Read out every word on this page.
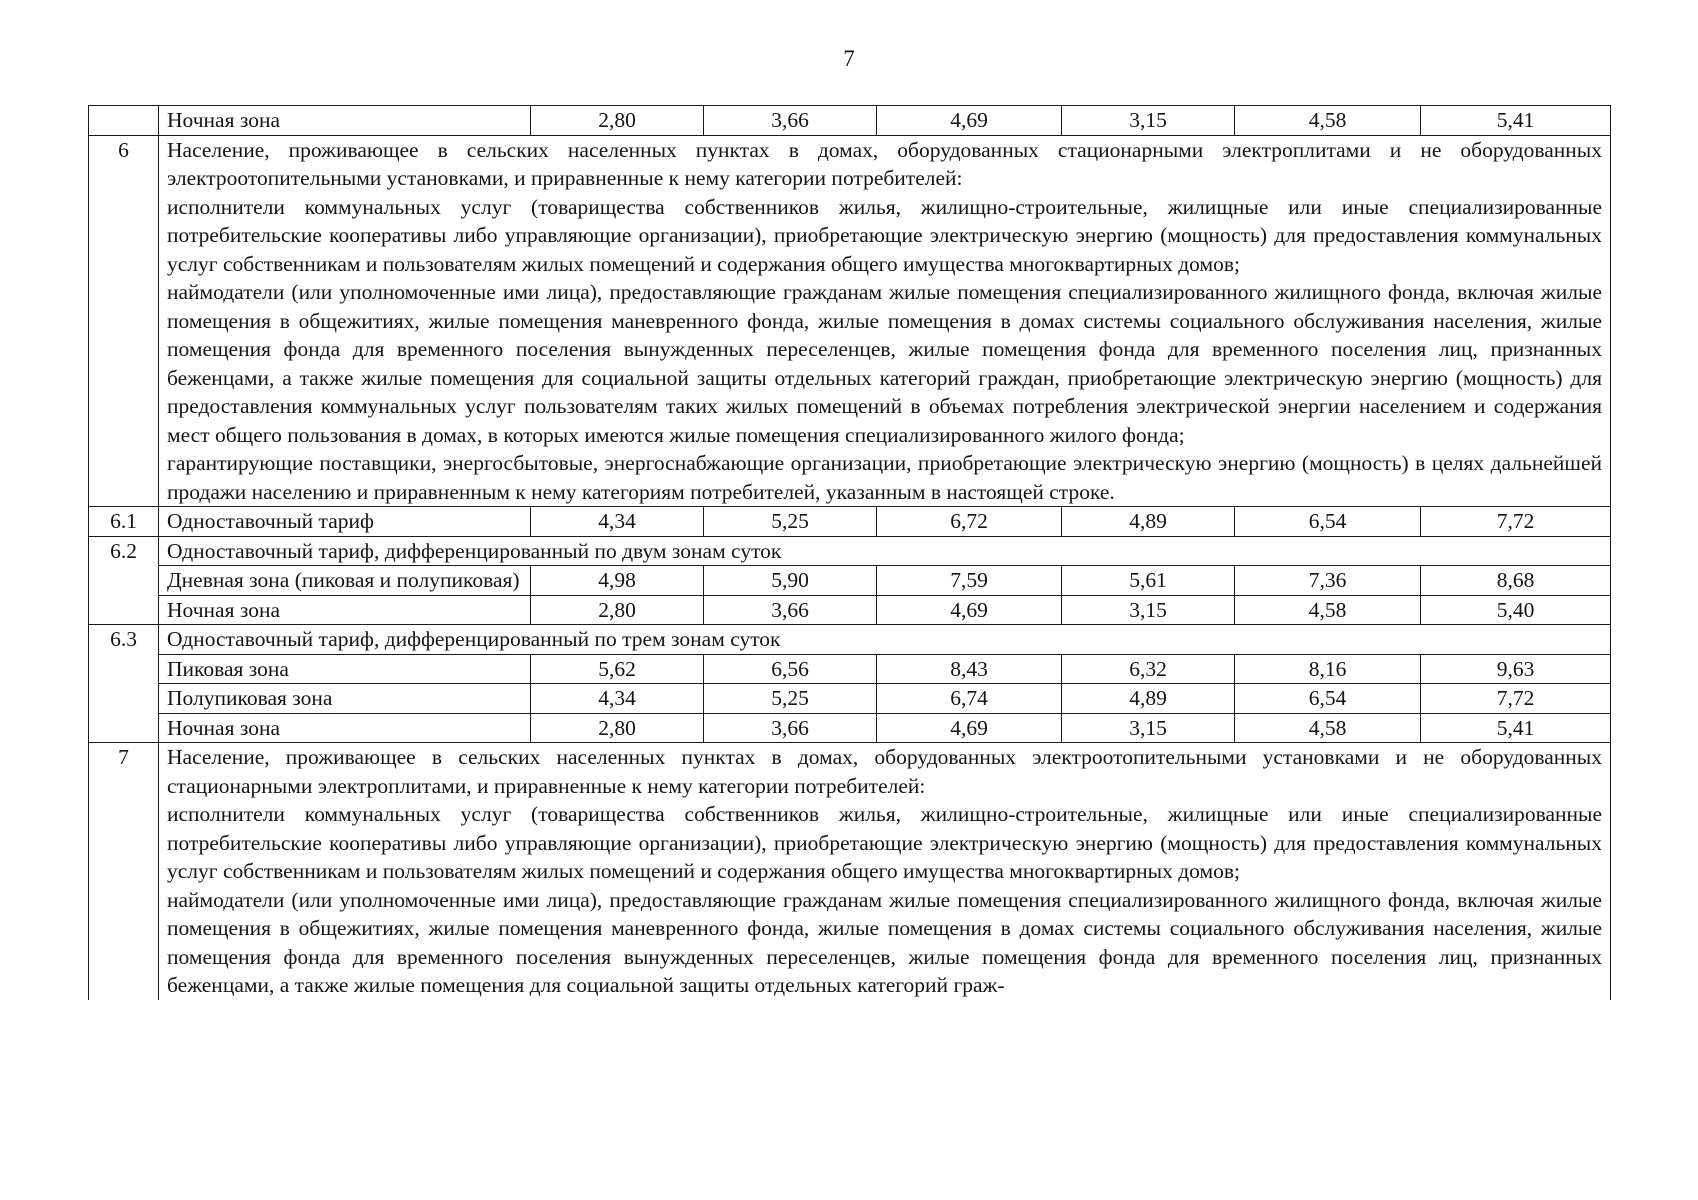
7
	Ночная зона	2,80	3,66	4,69	3,15	4,58	5,41
6	Население, проживающее в сельских населенных пунктах в домах, оборудованных стационарными электроплитами и не оборудованных электроотопительными установками, и приравненные к нему категории потребителей:
исполнители коммунальных услуг (товарищества собственников жилья, жилищно-строительные, жилищные или иные специализированные потребительские кооперативы либо управляющие организации), приобретающие электрическую энергию (мощность) для предоставления коммунальных услуг собственникам и пользователям жилых помещений и содержания общего имущества многоквартирных домов;
наймодатели (или уполномоченные ими лица), предоставляющие гражданам жилые помещения специализированного жилищного фонда, включая жилые помещения в общежитиях, жилые помещения маневренного фонда, жилые помещения в домах системы социального обслуживания населения, жилые помещения фонда для временного поселения вынужденных переселенцев, жилые помещения фонда для временного поселения лиц, признанных беженцами, а также жилые помещения для социальной защиты отдельных категорий граждан, приобретающие электрическую энергию (мощность) для предоставления коммунальных услуг пользователям таких жилых помещений в объемах потребления электрической энергии населением и содержания мест общего пользования в домах, в которых имеются жилые помещения специализированного жилого фонда;
гарантирующие поставщики, энергосбытовые, энергоснабжающие организации, приобретающие электрическую энергию (мощность) в целях дальнейшей продажи населению и приравненным к нему категориям потребителей, указанным в настоящей строке.						

6.1	Одноставочный тариф	4,34	5,25	6,72	4,89	6,54	7,72
6.2	Одноставочный тариф, дифференцированный по двум зонам суток						
	Дневная зона (пиковая и полупиковая)	4,98	5,90	7,59	5,61	7,36	8,68
	Ночная зона	2,80	3,66	4,69	3,15	4,58	5,40
6.3	Одноставочный тариф, дифференцированный по трем зонам суток						
	Пиковая зона	5,62	6,56	8,43	6,32	8,16	9,63
	Полупиковая зона	4,34	5,25	6,74	4,89	6,54	7,72
	Ночная зона	2,80	3,66	4,69	3,15	4,58	5,41
7	Население, проживающее в сельских населенных пунктах в домах, оборудованных электроотопительными установками и не оборудованных стационарными электроплитами, и приравненные к нему категории потребителей:
исполнители коммунальных услуг (товарищества собственников жилья, жилищно-строительные, жилищные или иные специализированные потребительские кооперативы либо управляющие организации), приобретающие электрическую энергию (мощность) для предоставления коммунальных услуг собственникам и пользователям жилых помещений и содержания общего имущества многоквартирных домов;
наймодатели (или уполномоченные ими лица), предоставляющие гражданам жилые помещения специализированного жилищного фонда, включая жилые помещения в общежитиях, жилые помещения маневренного фонда, жилые помещения в домах системы социального обслуживания населения, жилые помещения фонда для временного поселения вынужденных переселенцев, жилые помещения фонда для временного поселения лиц, признанных беженцами, а также жилые помещения для социальной защиты отдельных категорий граж-						
